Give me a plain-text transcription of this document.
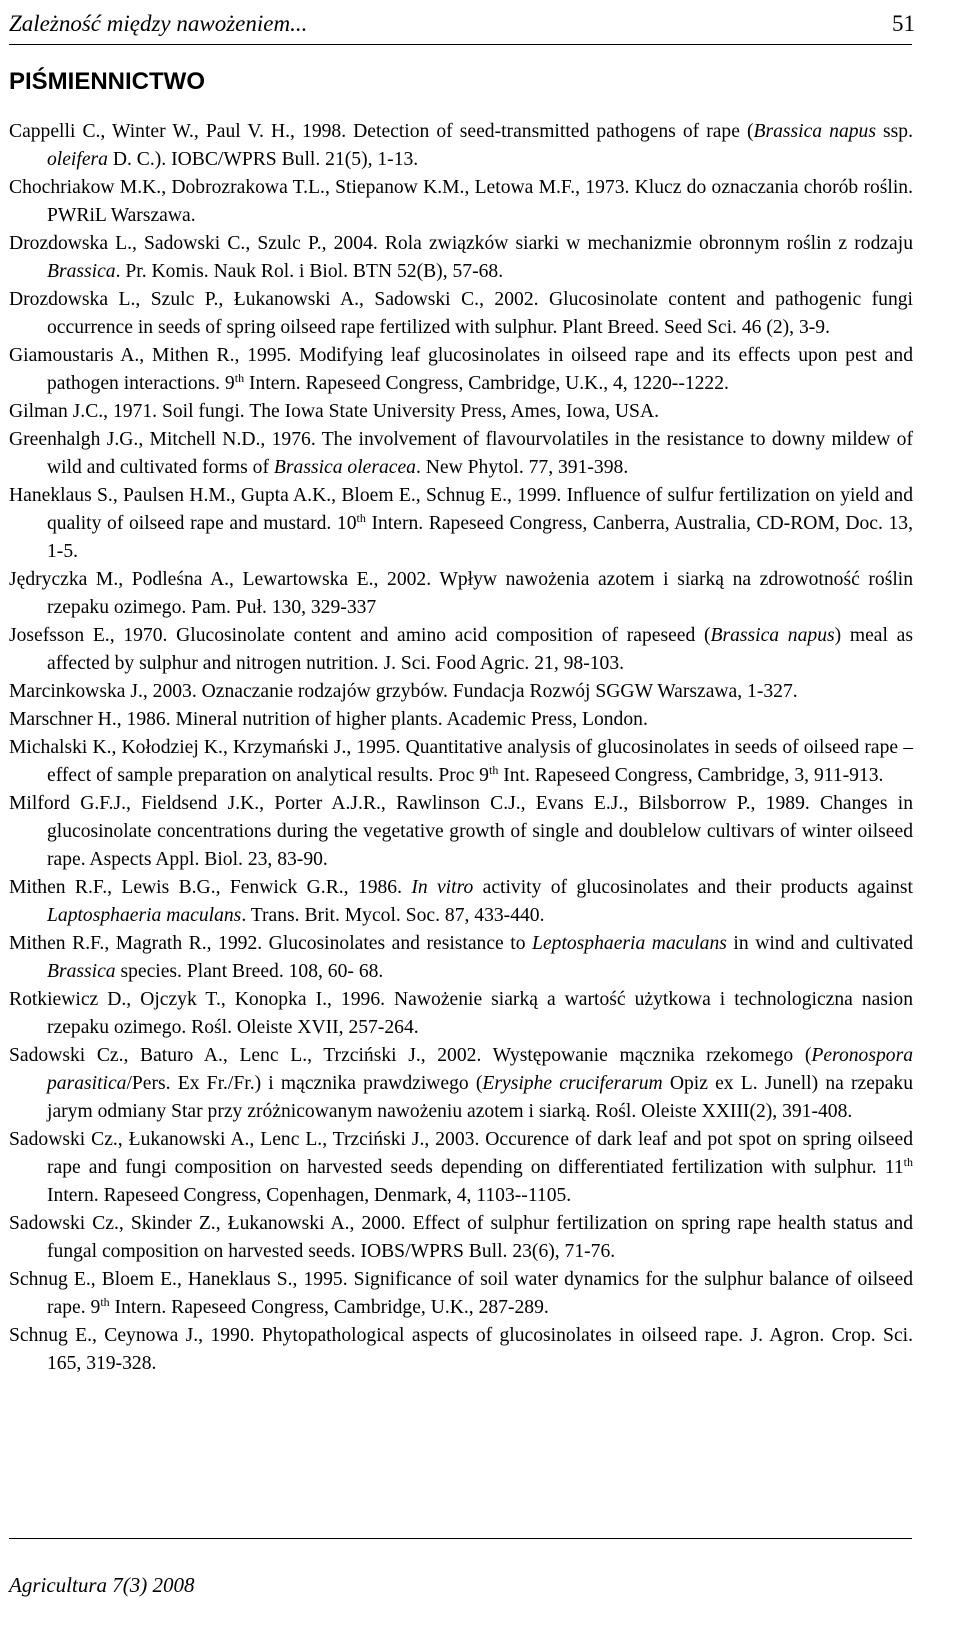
Zależność między nawożeniem...	51
PIŚMIENNICTWO
Cappelli C., Winter W., Paul V. H., 1998. Detection of seed-transmitted pathogens of rape (Brassica napus ssp. oleifera D. C.). IOBC/WPRS Bull. 21(5), 1-13.
Chochriakow M.K., Dobrozrakowa T.L., Stiepanow K.M., Letowa M.F., 1973. Klucz do oznaczania chorób roślin. PWRiL Warszawa.
Drozdowska L., Sadowski C., Szulc P., 2004. Rola związków siarki w mechanizmie obronnym roślin z rodzaju Brassica. Pr. Komis. Nauk Rol. i Biol. BTN 52(B), 57-68.
Drozdowska L., Szulc P., Łukanowski A., Sadowski C., 2002. Glucosinolate content and pathogenic fungi occurrence in seeds of spring oilseed rape fertilized with sulphur. Plant Breed. Seed Sci. 46 (2), 3-9.
Giamoustaris A., Mithen R., 1995. Modifying leaf glucosinolates in oilseed rape and its effects upon pest and pathogen interactions. 9th Intern. Rapeseed Congress, Cambridge, U.K., 4, 1220--1222.
Gilman J.C., 1971. Soil fungi. The Iowa State University Press, Ames, Iowa, USA.
Greenhalgh J.G., Mitchell N.D., 1976. The involvement of flavourvolatiles in the resistance to downy mildew of wild and cultivated forms of Brassica oleracea. New Phytol. 77, 391-398.
Haneklaus S., Paulsen H.M., Gupta A.K., Bloem E., Schnug E., 1999. Influence of sulfur fertilization on yield and quality of oilseed rape and mustard. 10th Intern. Rapeseed Congress, Canberra, Australia, CD-ROM, Doc. 13, 1-5.
Jędryczka M., Podleśna A., Lewartowska E., 2002. Wpływ nawożenia azotem i siarką na zdrowotność roślin rzepaku ozimego. Pam. Puł. 130, 329-337
Josefsson E., 1970. Glucosinolate content and amino acid composition of rapeseed (Brassica napus) meal as affected by sulphur and nitrogen nutrition. J. Sci. Food Agric. 21, 98-103.
Marcinkowska J., 2003. Oznaczanie rodzajów grzybów. Fundacja Rozwój SGGW Warszawa, 1-327.
Marschner H., 1986. Mineral nutrition of higher plants. Academic Press, London.
Michalski K., Kołodziej K., Krzymański J., 1995. Quantitative analysis of glucosinolates in seeds of oilseed rape – effect of sample preparation on analytical results. Proc 9th Int. Rapeseed Congress, Cambridge, 3, 911-913.
Milford G.F.J., Fieldsend J.K., Porter A.J.R., Rawlinson C.J., Evans E.J., Bilsborrow P., 1989. Changes in glucosinolate concentrations during the vegetative growth of single and doublelow cultivars of winter oilseed rape. Aspects Appl. Biol. 23, 83-90.
Mithen R.F., Lewis B.G., Fenwick G.R., 1986. In vitro activity of glucosinolates and their products against Laptosphaeria maculans. Trans. Brit. Mycol. Soc. 87, 433-440.
Mithen R.F., Magrath R., 1992. Glucosinolates and resistance to Leptosphaeria maculans in wind and cultivated Brassica species. Plant Breed. 108, 60- 68.
Rotkiewicz D., Ojczyk T., Konopka I., 1996. Nawożenie siarką a wartość użytkowa i technologiczna nasion rzepaku ozimego. Rośl. Oleiste XVII, 257-264.
Sadowski Cz., Baturo A., Lenc L., Trzciński J., 2002. Występowanie mącznika rzekomego (Peronospora parasitica/Pers. Ex Fr./Fr.) i mącznika prawdziwego (Erysiphe cruciferarum Opiz ex L. Junell) na rzepaku jarym odmiany Star przy zróżnicowanym nawożeniu azotem i siarką. Rośl. Oleiste XXIII(2), 391-408.
Sadowski Cz., Łukanowski A., Lenc L., Trzciński J., 2003. Occurence of dark leaf and pot spot on spring oilseed rape and fungi composition on harvested seeds depending on differentiated fertilization with sulphur. 11th Intern. Rapeseed Congress, Copenhagen, Denmark, 4, 1103--1105.
Sadowski Cz., Skinder Z., Łukanowski A., 2000. Effect of sulphur fertilization on spring rape health status and fungal composition on harvested seeds. IOBS/WPRS Bull. 23(6), 71-76.
Schnug E., Bloem E., Haneklaus S., 1995. Significance of soil water dynamics for the sulphur balance of oilseed rape. 9th Intern. Rapeseed Congress, Cambridge, U.K., 287-289.
Schnug E., Ceynowa J., 1990. Phytopathological aspects of glucosinolates in oilseed rape. J. Agron. Crop. Sci. 165, 319-328.
Agricultura 7(3) 2008
